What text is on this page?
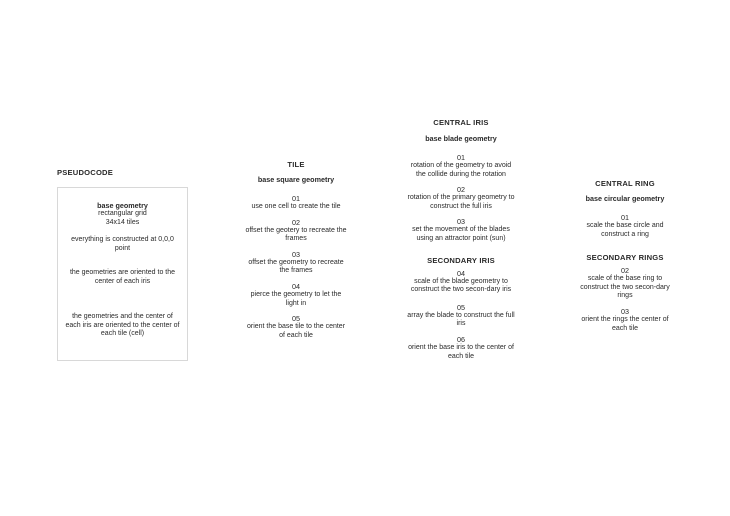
PSEUDOCODE

base geometry

rectangular grid

34x14 tiles

everything is constructed at 0,0,0 point

the geometries are oriented to the center of each iris

the geometries and the center of each iris are oriented to the center of each tile (cell)

TILE

base square geometry

01

use one cell to create the tile

02

offset the geotery to recreate the frames

03

offset the geometry to recreate the frames

04

pierce the geometry to let the light in

05

orient the base tile to the center of each tile

CENTRAL IRIS

base blade geometry

01

rotation of the geometry to avoid the collide during the rotation

02

rotation of the primary geometry to construct the full iris

03

set the movement of the blades using an attractor point (sun)

SECONDARY IRIS

04

scale of the blade geometry to construct the two secon-dary iris

05

array the blade to construct the full iris

06

orient the base iris to the center of each tile

CENTRAL RING

base circular geometry

01

scale the base circle and construct a ring

SECONDARY RINGS

02

scale of the base ring to construct the two secon-dary rings

03

orient the rings the center of each tile
